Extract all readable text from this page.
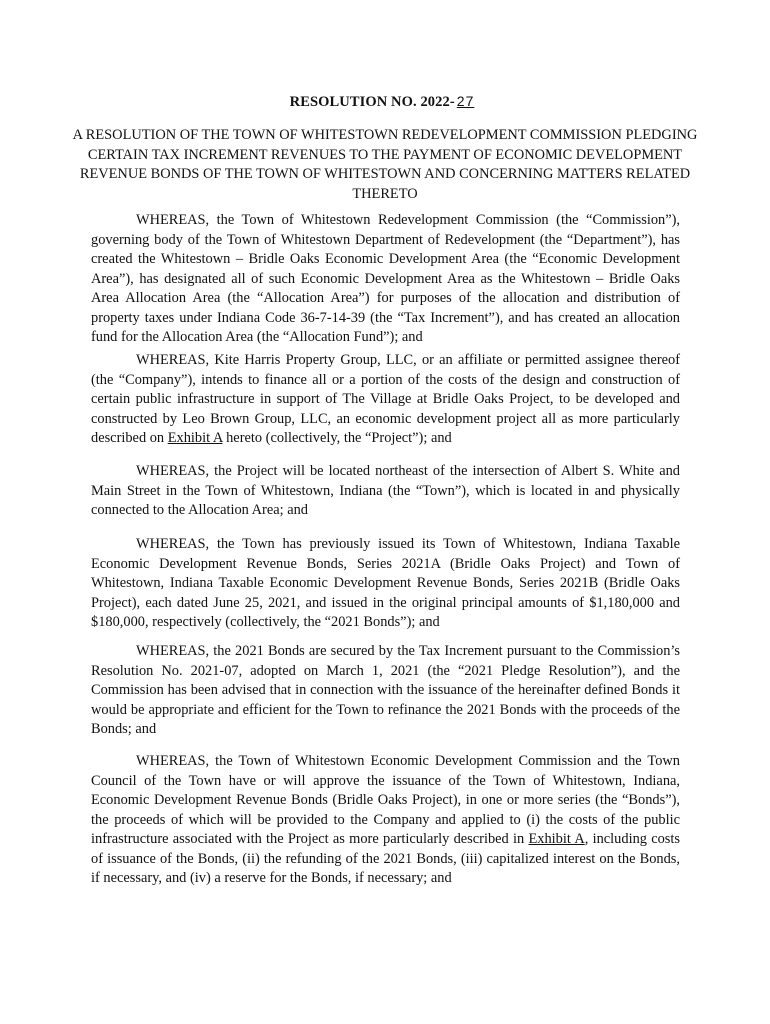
RESOLUTION NO. 2022- 27
A RESOLUTION OF THE TOWN OF WHITESTOWN REDEVELOPMENT COMMISSION PLEDGING CERTAIN TAX INCREMENT REVENUES TO THE PAYMENT OF ECONOMIC DEVELOPMENT REVENUE BONDS OF THE TOWN OF WHITESTOWN AND CONCERNING MATTERS RELATED THERETO
WHEREAS, the Town of Whitestown Redevelopment Commission (the “Commission”), governing body of the Town of Whitestown Department of Redevelopment (the “Department”), has created the Whitestown – Bridle Oaks Economic Development Area (the “Economic Development Area”), has designated all of such Economic Development Area as the Whitestown – Bridle Oaks Area Allocation Area (the “Allocation Area”) for purposes of the allocation and distribution of property taxes under Indiana Code 36-7-14-39 (the “Tax Increment”), and has created an allocation fund for the Allocation Area (the “Allocation Fund”); and
WHEREAS, Kite Harris Property Group, LLC, or an affiliate or permitted assignee thereof (the “Company”), intends to finance all or a portion of the costs of the design and construction of certain public infrastructure in support of The Village at Bridle Oaks Project, to be developed and constructed by Leo Brown Group, LLC, an economic development project all as more particularly described on Exhibit A hereto (collectively, the “Project”); and
WHEREAS, the Project will be located northeast of the intersection of Albert S. White and Main Street in the Town of Whitestown, Indiana (the “Town”), which is located in and physically connected to the Allocation Area; and
WHEREAS, the Town has previously issued its Town of Whitestown, Indiana Taxable Economic Development Revenue Bonds, Series 2021A (Bridle Oaks Project) and Town of Whitestown, Indiana Taxable Economic Development Revenue Bonds, Series 2021B (Bridle Oaks Project), each dated June 25, 2021, and issued in the original principal amounts of $1,180,000 and $180,000, respectively (collectively, the “2021 Bonds”); and
WHEREAS, the 2021 Bonds are secured by the Tax Increment pursuant to the Commission’s Resolution No. 2021-07, adopted on March 1, 2021 (the “2021 Pledge Resolution”), and the Commission has been advised that in connection with the issuance of the hereinafter defined Bonds it would be appropriate and efficient for the Town to refinance the 2021 Bonds with the proceeds of the Bonds; and
WHEREAS, the Town of Whitestown Economic Development Commission and the Town Council of the Town have or will approve the issuance of the Town of Whitestown, Indiana, Economic Development Revenue Bonds (Bridle Oaks Project), in one or more series (the “Bonds”), the proceeds of which will be provided to the Company and applied to (i) the costs of the public infrastructure associated with the Project as more particularly described in Exhibit A, including costs of issuance of the Bonds, (ii) the refunding of the 2021 Bonds, (iii) capitalized interest on the Bonds, if necessary, and (iv) a reserve for the Bonds, if necessary; and
